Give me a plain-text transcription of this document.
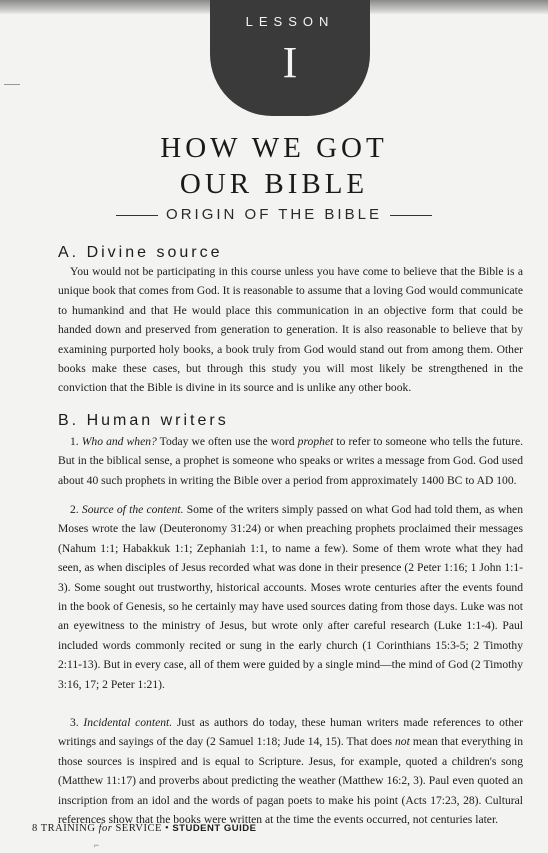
LESSON
I
HOW WE GOT
OUR BIBLE
ORIGIN OF THE BIBLE
A. Divine source

You would not be participating in this course unless you have come to believe that the Bible is a unique book that comes from God. It is reasonable to assume that a loving God would communicate to humankind and that He would place this communication in an objective form that could be handed down and preserved from generation to generation. It is also reasonable to believe that by examining purported holy books, a book truly from God would stand out from among them. Other books make these cases, but through this study you will most likely be strengthened in the conviction that the Bible is divine in its source and is unlike any other book.

B. Human writers

1. Who and when? Today we often use the word prophet to refer to someone who tells the future. But in the biblical sense, a prophet is someone who speaks or writes a message from God. God used about 40 such prophets in writing the Bible over a period from approximately 1400 BC to AD 100.

2. Source of the content. Some of the writers simply passed on what God had told them, as when Moses wrote the law (Deuteronomy 31:24) or when preaching prophets proclaimed their messages (Nahum 1:1; Habakkuk 1:1; Zephaniah 1:1, to name a few). Some of them wrote what they had seen, as when disciples of Jesus recorded what was done in their presence (2 Peter 1:16; 1 John 1:1-3). Some sought out trustworthy, historical accounts. Moses wrote centuries after the events found in the book of Genesis, so he certainly may have used sources dating from those days. Luke was not an eyewitness to the ministry of Jesus, but wrote only after careful research (Luke 1:1-4). Paul included words commonly recited or sung in the early church (1 Corinthians 15:3-5; 2 Timothy 2:11-13). But in every case, all of them were guided by a single mind—the mind of God (2 Timothy 3:16, 17; 2 Peter 1:21).

3. Incidental content. Just as authors do today, these human writers made references to other writings and sayings of the day (2 Samuel 1:18; Jude 14, 15). That does not mean that everything in those sources is inspired and is equal to Scripture. Jesus, for example, quoted a children's song (Matthew 11:17) and proverbs about predicting the weather (Matthew 16:2, 3). Paul even quoted an inscription from an idol and the words of pagan poets to make his point (Acts 17:23, 28). Cultural references show that the books were written at the time the events occurred, not centuries later.

8 TRAINING for SERVICE • STUDENT GUIDE
⌐
